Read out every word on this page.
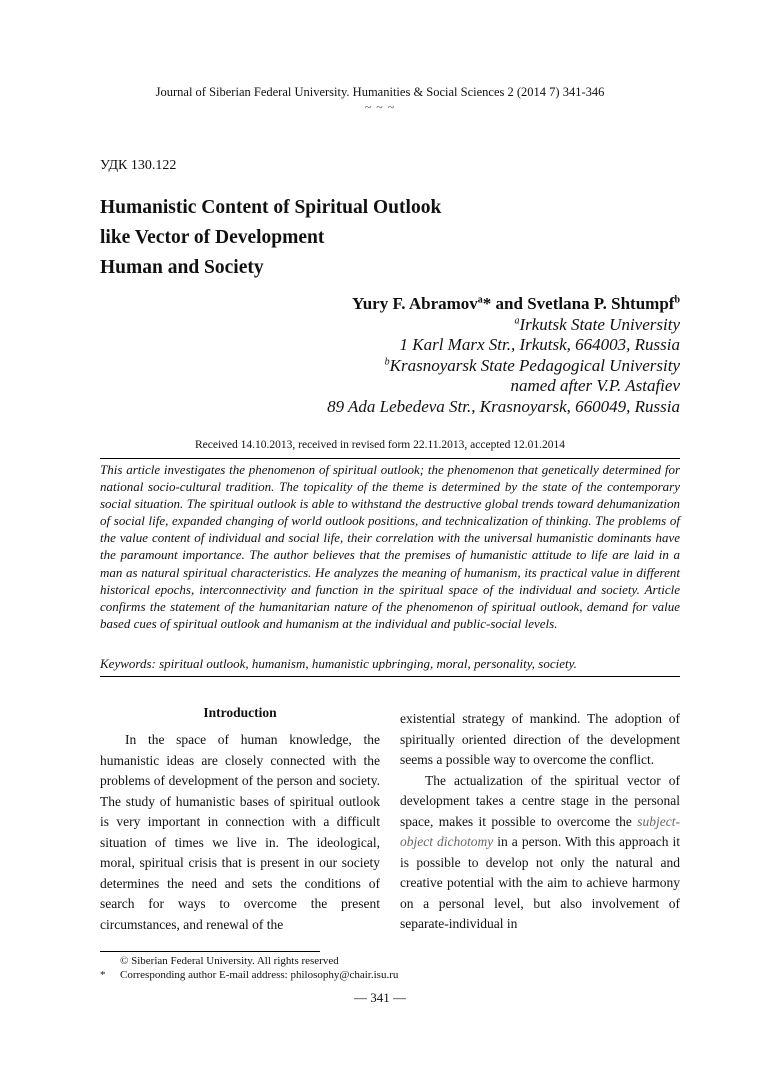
Journal of Siberian Federal University. Humanities & Social Sciences 2 (2014 7) 341-346
~ ~ ~
УДК 130.122
Humanistic Content of Spiritual Outlook
like Vector of Development
Human and Society
Yury F. Abramov$^a$* and Svetlana P. Shtumpf$^b$
$^a$Irkutsk State University
1 Karl Marx Str., Irkutsk, 664003, Russia
$^b$Krasnoyarsk State Pedagogical University
named after V.P. Astafiev
89 Ada Lebedeva Str., Krasnoyarsk, 660049, Russia
Received 14.10.2013, received in revised form 22.11.2013, accepted 12.01.2014
This article investigates the phenomenon of spiritual outlook; the phenomenon that genetically determined for national socio-cultural tradition. The topicality of the theme is determined by the state of the contemporary social situation. The spiritual outlook is able to withstand the destructive global trends toward dehumanization of social life, expanded changing of world outlook positions, and technicalization of thinking. The problems of the value content of individual and social life, their correlation with the universal humanistic dominants have the paramount importance. The author believes that the premises of humanistic attitude to life are laid in a man as natural spiritual characteristics. He analyzes the meaning of humanism, its practical value in different historical epochs, interconnectivity and function in the spiritual space of the individual and society. Article confirms the statement of the humanitarian nature of the phenomenon of spiritual outlook, demand for value based cues of spiritual outlook and humanism at the individual and public-social levels.
Keywords: spiritual outlook, humanism, humanistic upbringing, moral, personality, society.
Introduction

In the space of human knowledge, the humanistic ideas are closely connected with the problems of development of the person and society. The study of humanistic bases of spiritual outlook is very important in connection with a difficult situation of times we live in. The ideological, moral, spiritual crisis that is present in our society determines the need and sets the conditions of search for ways to overcome the present circumstances, and renewal of the

existential strategy of mankind. The adoption of spiritually oriented direction of the development seems a possible way to overcome the conflict.

The actualization of the spiritual vector of development takes a centre stage in the personal space, makes it possible to overcome the subject-object dichotomy in a person. With this approach it is possible to develop not only the natural and creative potential with the aim to achieve harmony on a personal level, but also involvement of separate-individual in

© Siberian Federal University. All rights reserved
* Corresponding author E-mail address: philosophy@chair.isu.ru
— 341 —
